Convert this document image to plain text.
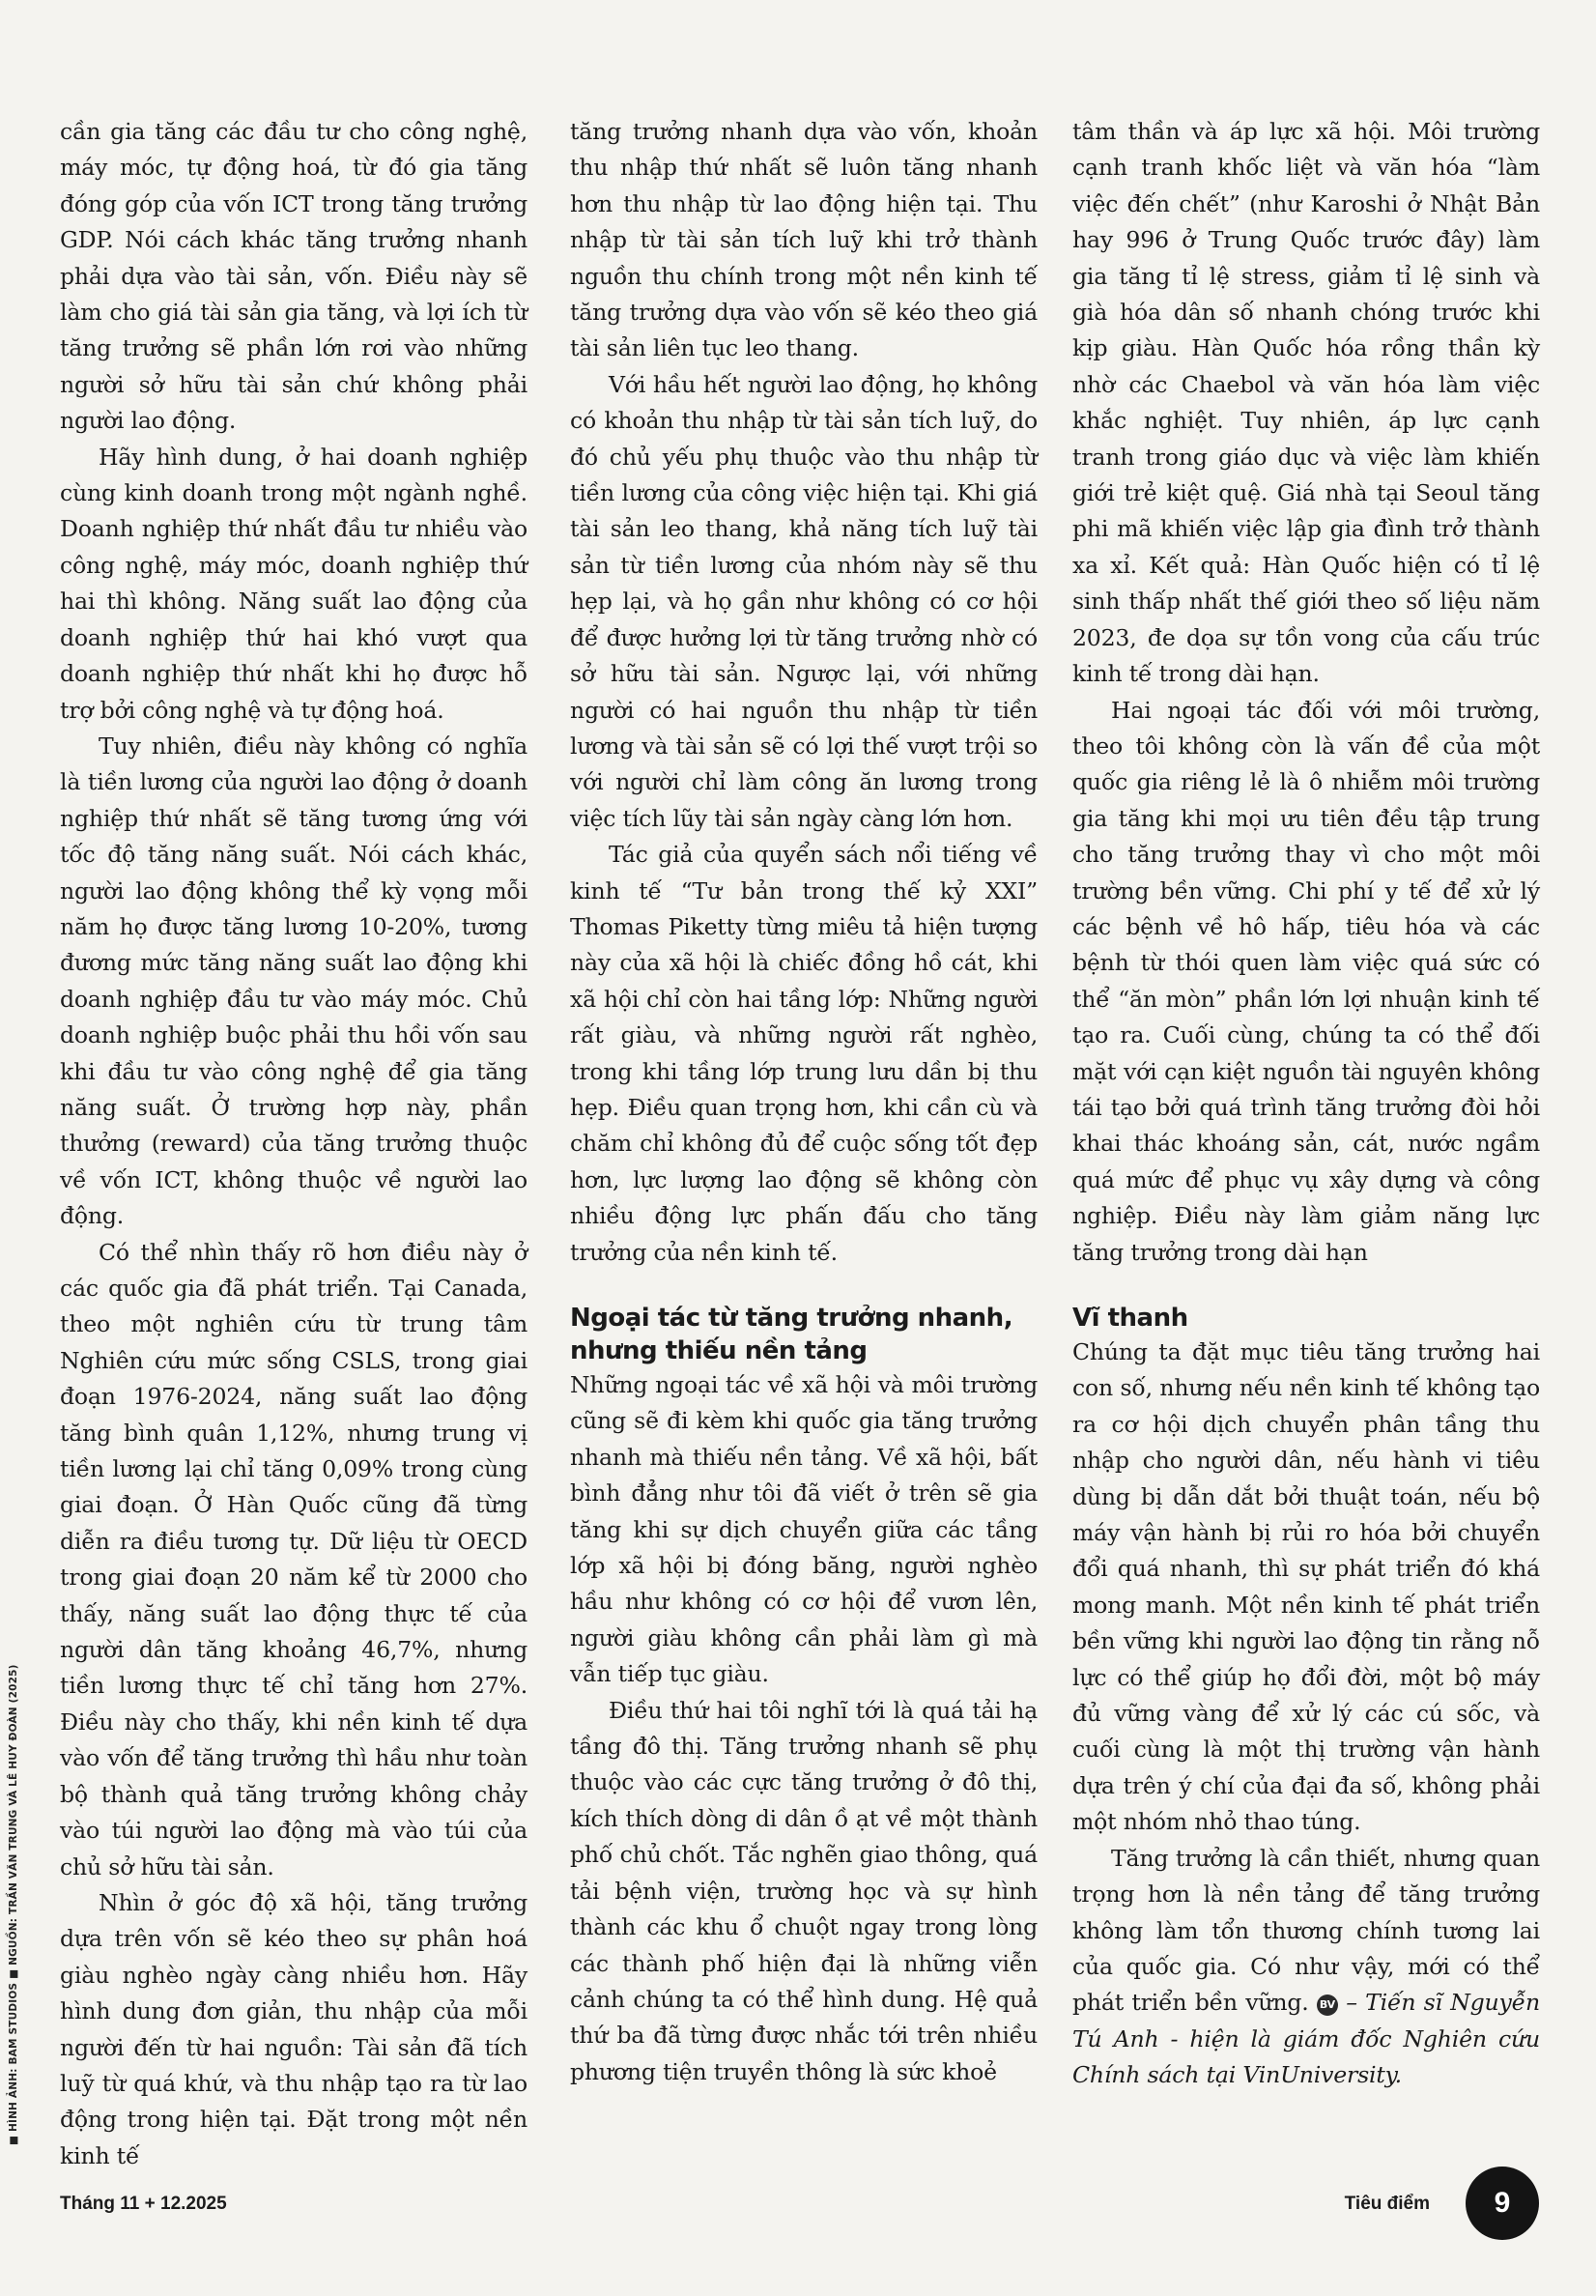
cần gia tăng các đầu tư cho công nghệ, máy móc, tự động hoá, từ đó gia tăng đóng góp của vốn ICT trong tăng trưởng GDP. Nói cách khác tăng trưởng nhanh phải dựa vào tài sản, vốn. Điều này sẽ làm cho giá tài sản gia tăng, và lợi ích từ tăng trưởng sẽ phần lớn rơi vào những người sở hữu tài sản chứ không phải người lao động.

Hãy hình dung, ở hai doanh nghiệp cùng kinh doanh trong một ngành nghề. Doanh nghiệp thứ nhất đầu tư nhiều vào công nghệ, máy móc, doanh nghiệp thứ hai thì không. Năng suất lao động của doanh nghiệp thứ hai khó vượt qua doanh nghiệp thứ nhất khi họ được hỗ trợ bởi công nghệ và tự động hoá.

Tuy nhiên, điều này không có nghĩa là tiền lương của người lao động ở doanh nghiệp thứ nhất sẽ tăng tương ứng với tốc độ tăng năng suất. Nói cách khác, người lao động không thể kỳ vọng mỗi năm họ được tăng lương 10-20%, tương đương mức tăng năng suất lao động khi doanh nghiệp đầu tư vào máy móc. Chủ doanh nghiệp buộc phải thu hồi vốn sau khi đầu tư vào công nghệ để gia tăng năng suất. Ở trường hợp này, phần thưởng (reward) của tăng trưởng thuộc về vốn ICT, không thuộc về người lao động.

Có thể nhìn thấy rõ hơn điều này ở các quốc gia đã phát triển. Tại Canada, theo một nghiên cứu từ trung tâm Nghiên cứu mức sống CSLS, trong giai đoạn 1976-2024, năng suất lao động tăng bình quân 1,12%, nhưng trung vị tiền lương lại chỉ tăng 0,09% trong cùng giai đoạn. Ở Hàn Quốc cũng đã từng diễn ra điều tương tự. Dữ liệu từ OECD trong giai đoạn 20 năm kể từ 2000 cho thấy, năng suất lao động thực tế của người dân tăng khoảng 46,7%, nhưng tiền lương thực tế chỉ tăng hơn 27%. Điều này cho thấy, khi nền kinh tế dựa vào vốn để tăng trưởng thì hầu như toàn bộ thành quả tăng trưởng không chảy vào túi người lao động mà vào túi của chủ sở hữu tài sản.

Nhìn ở góc độ xã hội, tăng trưởng dựa trên vốn sẽ kéo theo sự phân hoá giàu nghèo ngày càng nhiều hơn. Hãy hình dung đơn giản, thu nhập của mỗi người đến từ hai nguồn: Tài sản đã tích luỹ từ quá khứ, và thu nhập tạo ra từ lao động trong hiện tại. Đặt trong một nền kinh tế

tăng trưởng nhanh dựa vào vốn, khoản thu nhập thứ nhất sẽ luôn tăng nhanh hơn thu nhập từ lao động hiện tại. Thu nhập từ tài sản tích luỹ khi trở thành nguồn thu chính trong một nền kinh tế tăng trưởng dựa vào vốn sẽ kéo theo giá tài sản liên tục leo thang.

Với hầu hết người lao động, họ không có khoản thu nhập từ tài sản tích luỹ, do đó chủ yếu phụ thuộc vào thu nhập từ tiền lương của công việc hiện tại. Khi giá tài sản leo thang, khả năng tích luỹ tài sản từ tiền lương của nhóm này sẽ thu hẹp lại, và họ gần như không có cơ hội để được hưởng lợi từ tăng trưởng nhờ có sở hữu tài sản. Ngược lại, với những người có hai nguồn thu nhập từ tiền lương và tài sản sẽ có lợi thế vượt trội so với người chỉ làm công ăn lương trong việc tích lũy tài sản ngày càng lớn hơn.

Tác giả của quyển sách nổi tiếng về kinh tế “Tư bản trong thế kỷ XXI” Thomas Piketty từng miêu tả hiện tượng này của xã hội là chiếc đồng hồ cát, khi xã hội chỉ còn hai tầng lớp: Những người rất giàu, và những người rất nghèo, trong khi tầng lớp trung lưu dần bị thu hẹp. Điều quan trọng hơn, khi cần cù và chăm chỉ không đủ để cuộc sống tốt đẹp hơn, lực lượng lao động sẽ không còn nhiều động lực phấn đấu cho tăng trưởng của nền kinh tế.

Ngoại tác từ tăng trưởng nhanh, nhưng thiếu nền tảng

Những ngoại tác về xã hội và môi trường cũng sẽ đi kèm khi quốc gia tăng trưởng nhanh mà thiếu nền tảng. Về xã hội, bất bình đẳng như tôi đã viết ở trên sẽ gia tăng khi sự dịch chuyển giữa các tầng lớp xã hội bị đóng băng, người nghèo hầu như không có cơ hội để vươn lên, người giàu không cần phải làm gì mà vẫn tiếp tục giàu.

Điều thứ hai tôi nghĩ tới là quá tải hạ tầng đô thị. Tăng trưởng nhanh sẽ phụ thuộc vào các cực tăng trưởng ở đô thị, kích thích dòng di dân ồ ạt về một thành phố chủ chốt. Tắc nghẽn giao thông, quá tải bệnh viện, trường học và sự hình thành các khu ổ chuột ngay trong lòng các thành phố hiện đại là những viễn cảnh chúng ta có thể hình dung. Hệ quả thứ ba đã từng được nhắc tới trên nhiều phương tiện truyền thông là sức khoẻ

tâm thần và áp lực xã hội. Môi trường cạnh tranh khốc liệt và văn hóa “làm việc đến chết” (như Karoshi ở Nhật Bản hay 996 ở Trung Quốc trước đây) làm gia tăng tỉ lệ stress, giảm tỉ lệ sinh và già hóa dân số nhanh chóng trước khi kịp giàu. Hàn Quốc hóa rồng thần kỳ nhờ các Chaebol và văn hóa làm việc khắc nghiệt. Tuy nhiên, áp lực cạnh tranh trong giáo dục và việc làm khiến giới trẻ kiệt quệ. Giá nhà tại Seoul tăng phi mã khiến việc lập gia đình trở thành xa xỉ. Kết quả: Hàn Quốc hiện có tỉ lệ sinh thấp nhất thế giới theo số liệu năm 2023, đe dọa sự tồn vong của cấu trúc kinh tế trong dài hạn.

Hai ngoại tác đối với môi trường, theo tôi không còn là vấn đề của một quốc gia riêng lẻ là ô nhiễm môi trường gia tăng khi mọi ưu tiên đều tập trung cho tăng trưởng thay vì cho một môi trường bền vững. Chi phí y tế để xử lý các bệnh về hô hấp, tiêu hóa và các bệnh từ thói quen làm việc quá sức có thể “ăn mòn” phần lớn lợi nhuận kinh tế tạo ra. Cuối cùng, chúng ta có thể đối mặt với cạn kiệt nguồn tài nguyên không tái tạo bởi quá trình tăng trưởng đòi hỏi khai thác khoáng sản, cát, nước ngầm quá mức để phục vụ xây dựng và công nghiệp. Điều này làm giảm năng lực tăng trưởng trong dài hạn

Vĩ thanh

Chúng ta đặt mục tiêu tăng trưởng hai con số, nhưng nếu nền kinh tế không tạo ra cơ hội dịch chuyển phân tầng thu nhập cho người dân, nếu hành vi tiêu dùng bị dẫn dắt bởi thuật toán, nếu bộ máy vận hành bị rủi ro hóa bởi chuyển đổi quá nhanh, thì sự phát triển đó khá mong manh. Một nền kinh tế phát triển bền vững khi người lao động tin rằng nỗ lực có thể giúp họ đổi đời, một bộ máy đủ vững vàng để xử lý các cú sốc, và cuối cùng là một thị trường vận hành dựa trên ý chí của đại đa số, không phải một nhóm nhỏ thao túng.

Tăng trưởng là cần thiết, nhưng quan trọng hơn là nền tảng để tăng trưởng không làm tổn thương chính tương lai của quốc gia. Có như vậy, mới có thể phát triển bền vững. BV – Tiến sĩ Nguyễn Tú Anh - hiện là giám đốc Nghiên cứu Chính sách tại VinUniversity.

■ HÌNH ẢNH: BAM STUDIOS ■ NGUỒN: TRẦN VĂN TRUNG VÀ LÊ HUY ĐOÀN (2025)
Tháng 11 + 12.2025	Tiêu điểm	9
